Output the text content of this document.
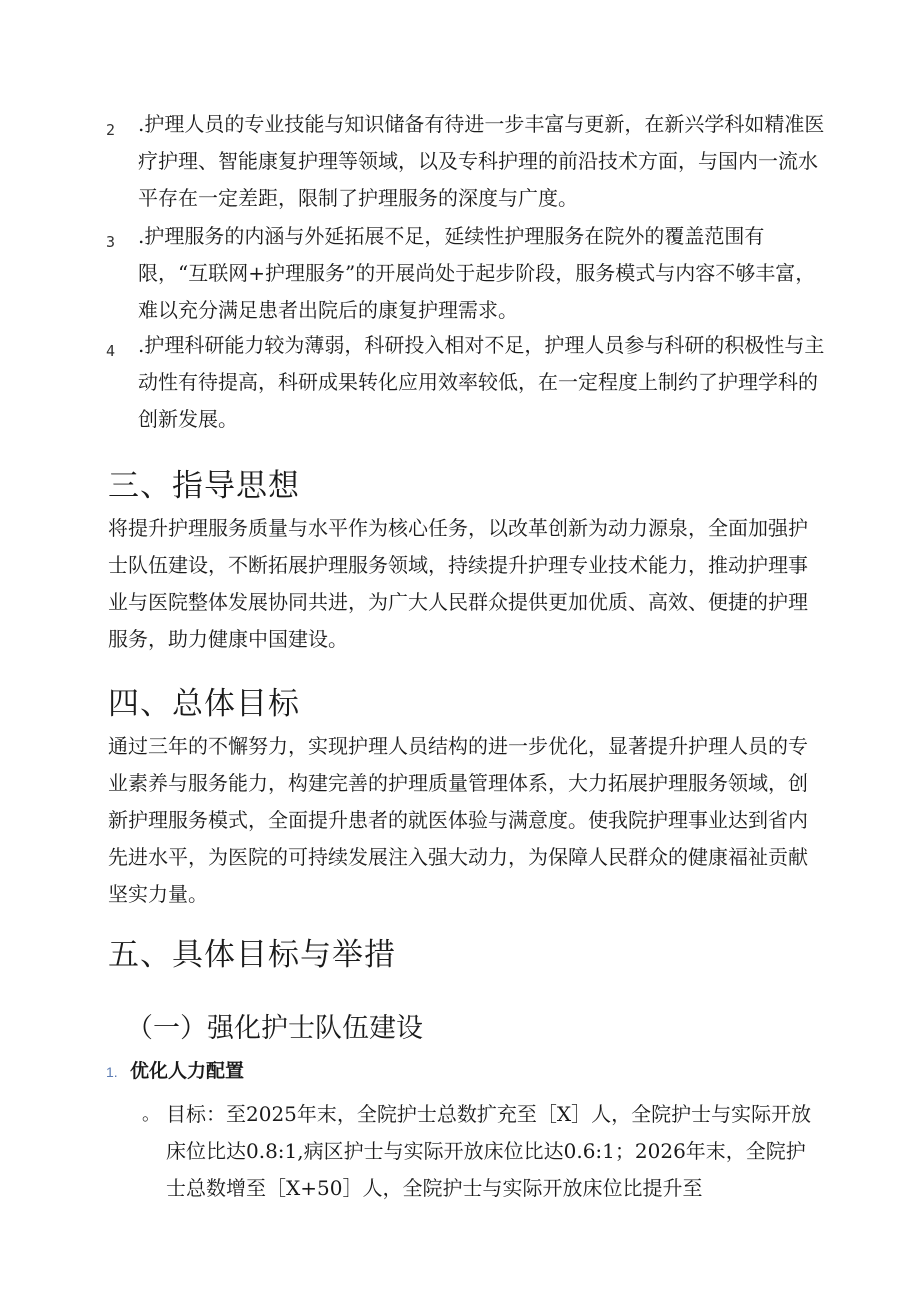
2 .护理人员的专业技能与知识储备有待进一步丰富与更新，在新兴学科如精准医疗护理、智能康复护理等领域，以及专科护理的前沿技术方面，与国内一流水平存在一定差距，限制了护理服务的深度与广度。
3 .护理服务的内涵与外延拓展不足，延续性护理服务在院外的覆盖范围有限，“互联网+护理服务”的开展尚处于起步阶段，服务模式与内容不够丰富，难以充分满足患者出院后的康复护理需求。
4 .护理科研能力较为薄弱，科研投入相对不足，护理人员参与科研的积极性与主动性有待提高，科研成果转化应用效率较低，在一定程度上制约了护理学科的创新发展。
三、指导思想

将提升护理服务质量与水平作为核心任务，以改革创新为动力源泉，全面加强护士队伍建设，不断拓展护理服务领域，持续提升护理专业技术能力，推动护理事业与医院整体发展协同共进，为广大人民群众提供更加优质、高效、便捷的护理服务，助力健康中国建设。

四、总体目标

通过三年的不懈努力，实现护理人员结构的进一步优化，显著提升护理人员的专业素养与服务能力，构建完善的护理质量管理体系，大力拓展护理服务领域，创新护理服务模式，全面提升患者的就医体验与满意度。使我院护理事业达到省内先进水平，为医院的可持续发展注入强大动力，为保障人民群众的健康福祉贡献坚实力量。

五、具体目标与举措
（一）强化护士队伍建设
1. 优化人力配置
。 目标：至2025年末，全院护士总数扩充至［X］人，全院护士与实际开放床位比达0.8:1,病区护士与实际开放床位比达0.6:1；2026年末，全院护士总数增至［X+50］人，全院护士与实际开放床位比提升至
